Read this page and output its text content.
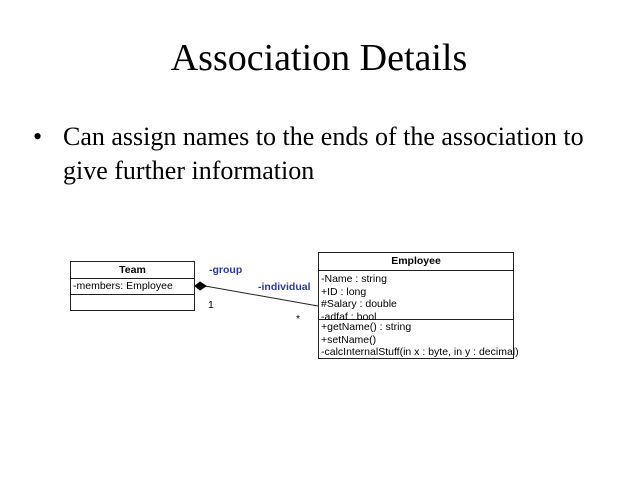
Association Details
• Can assign names to the ends of the association to give further information
Team
-members: Employee
Employee
-Name : string
+ID : long
#Salary : double
-adfaf : bool
+getName() : string
+setName()
-calcInternalStuff(in x : byte, in y : decimal)
-group
1
-individual
*
